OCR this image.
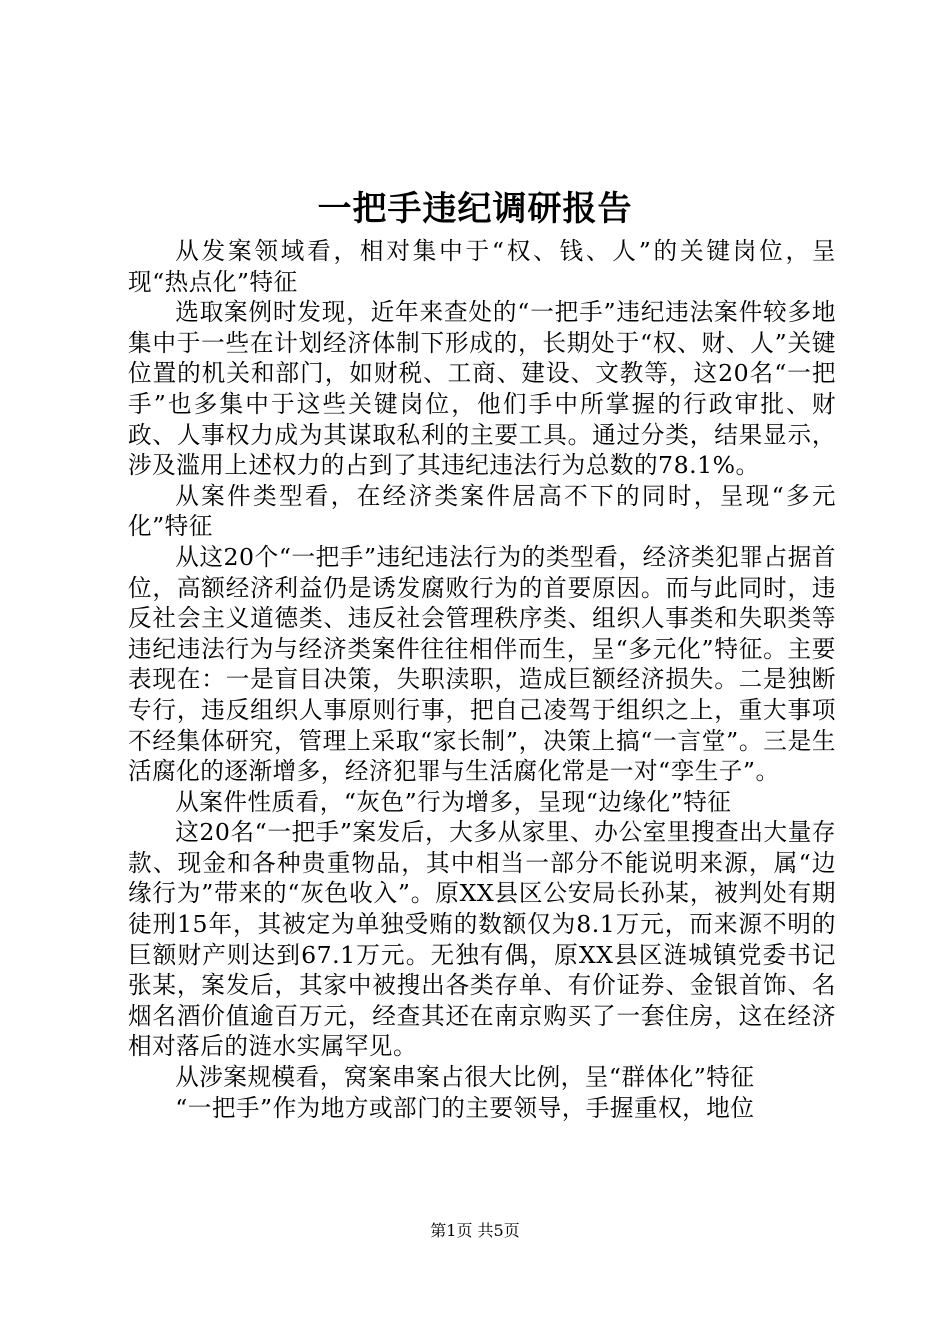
一把手违纪调研报告

从发案领域看，相对集中于“权、钱、人”的关键岗位，呈现“热点化”特征

选取案例时发现，近年来查处的“一把手”违纪违法案件较多地集中于一些在计划经济体制下形成的，长期处于“权、财、人”关键位置的机关和部门，如财税、工商、建设、文教等，这20名“一把手”也多集中于这些关键岗位，他们手中所掌握的行政审批、财政、人事权力成为其谋取私利的主要工具。通过分类，结果显示，涉及滥用上述权力的占到了其违纪违法行为总数的78.1%。

从案件类型看，在经济类案件居高不下的同时，呈现“多元化”特征

从这20个“一把手”违纪违法行为的类型看，经济类犯罪占据首位，高额经济利益仍是诱发腐败行为的首要原因。而与此同时，违反社会主义道德类、违反社会管理秩序类、组织人事类和失职类等违纪违法行为与经济类案件往往相伴而生，呈“多元化”特征。主要表现在：一是盲目决策，失职渎职，造成巨额经济损失。二是独断专行，违反组织人事原则行事，把自己凌驾于组织之上，重大事项不经集体研究，管理上采取“家长制”，决策上搞“一言堂”。三是生活腐化的逐渐增多，经济犯罪与生活腐化常是一对“孪生子”。

从案件性质看，“灰色”行为增多，呈现“边缘化”特征

这20名“一把手”案发后，大多从家里、办公室里搜查出大量存款、现金和各种贵重物品，其中相当一部分不能说明来源，属“边缘行为”带来的“灰色收入”。原XX县区公安局长孙某，被判处有期徒刑15年，其被定为单独受贿的数额仅为8.1万元，而来源不明的巨额财产则达到67.1万元。无独有偶，原XX县区涟城镇党委书记张某，案发后，其家中被搜出各类存单、有价证券、金银首饰、名烟名酒价值逾百万元，经查其还在南京购买了一套住房，这在经济相对落后的涟水实属罕见。

从涉案规模看，窝案串案占很大比例，呈“群体化”特征

“一把手”作为地方或部门的主要领导，手握重权，地位

第1页 共5页
